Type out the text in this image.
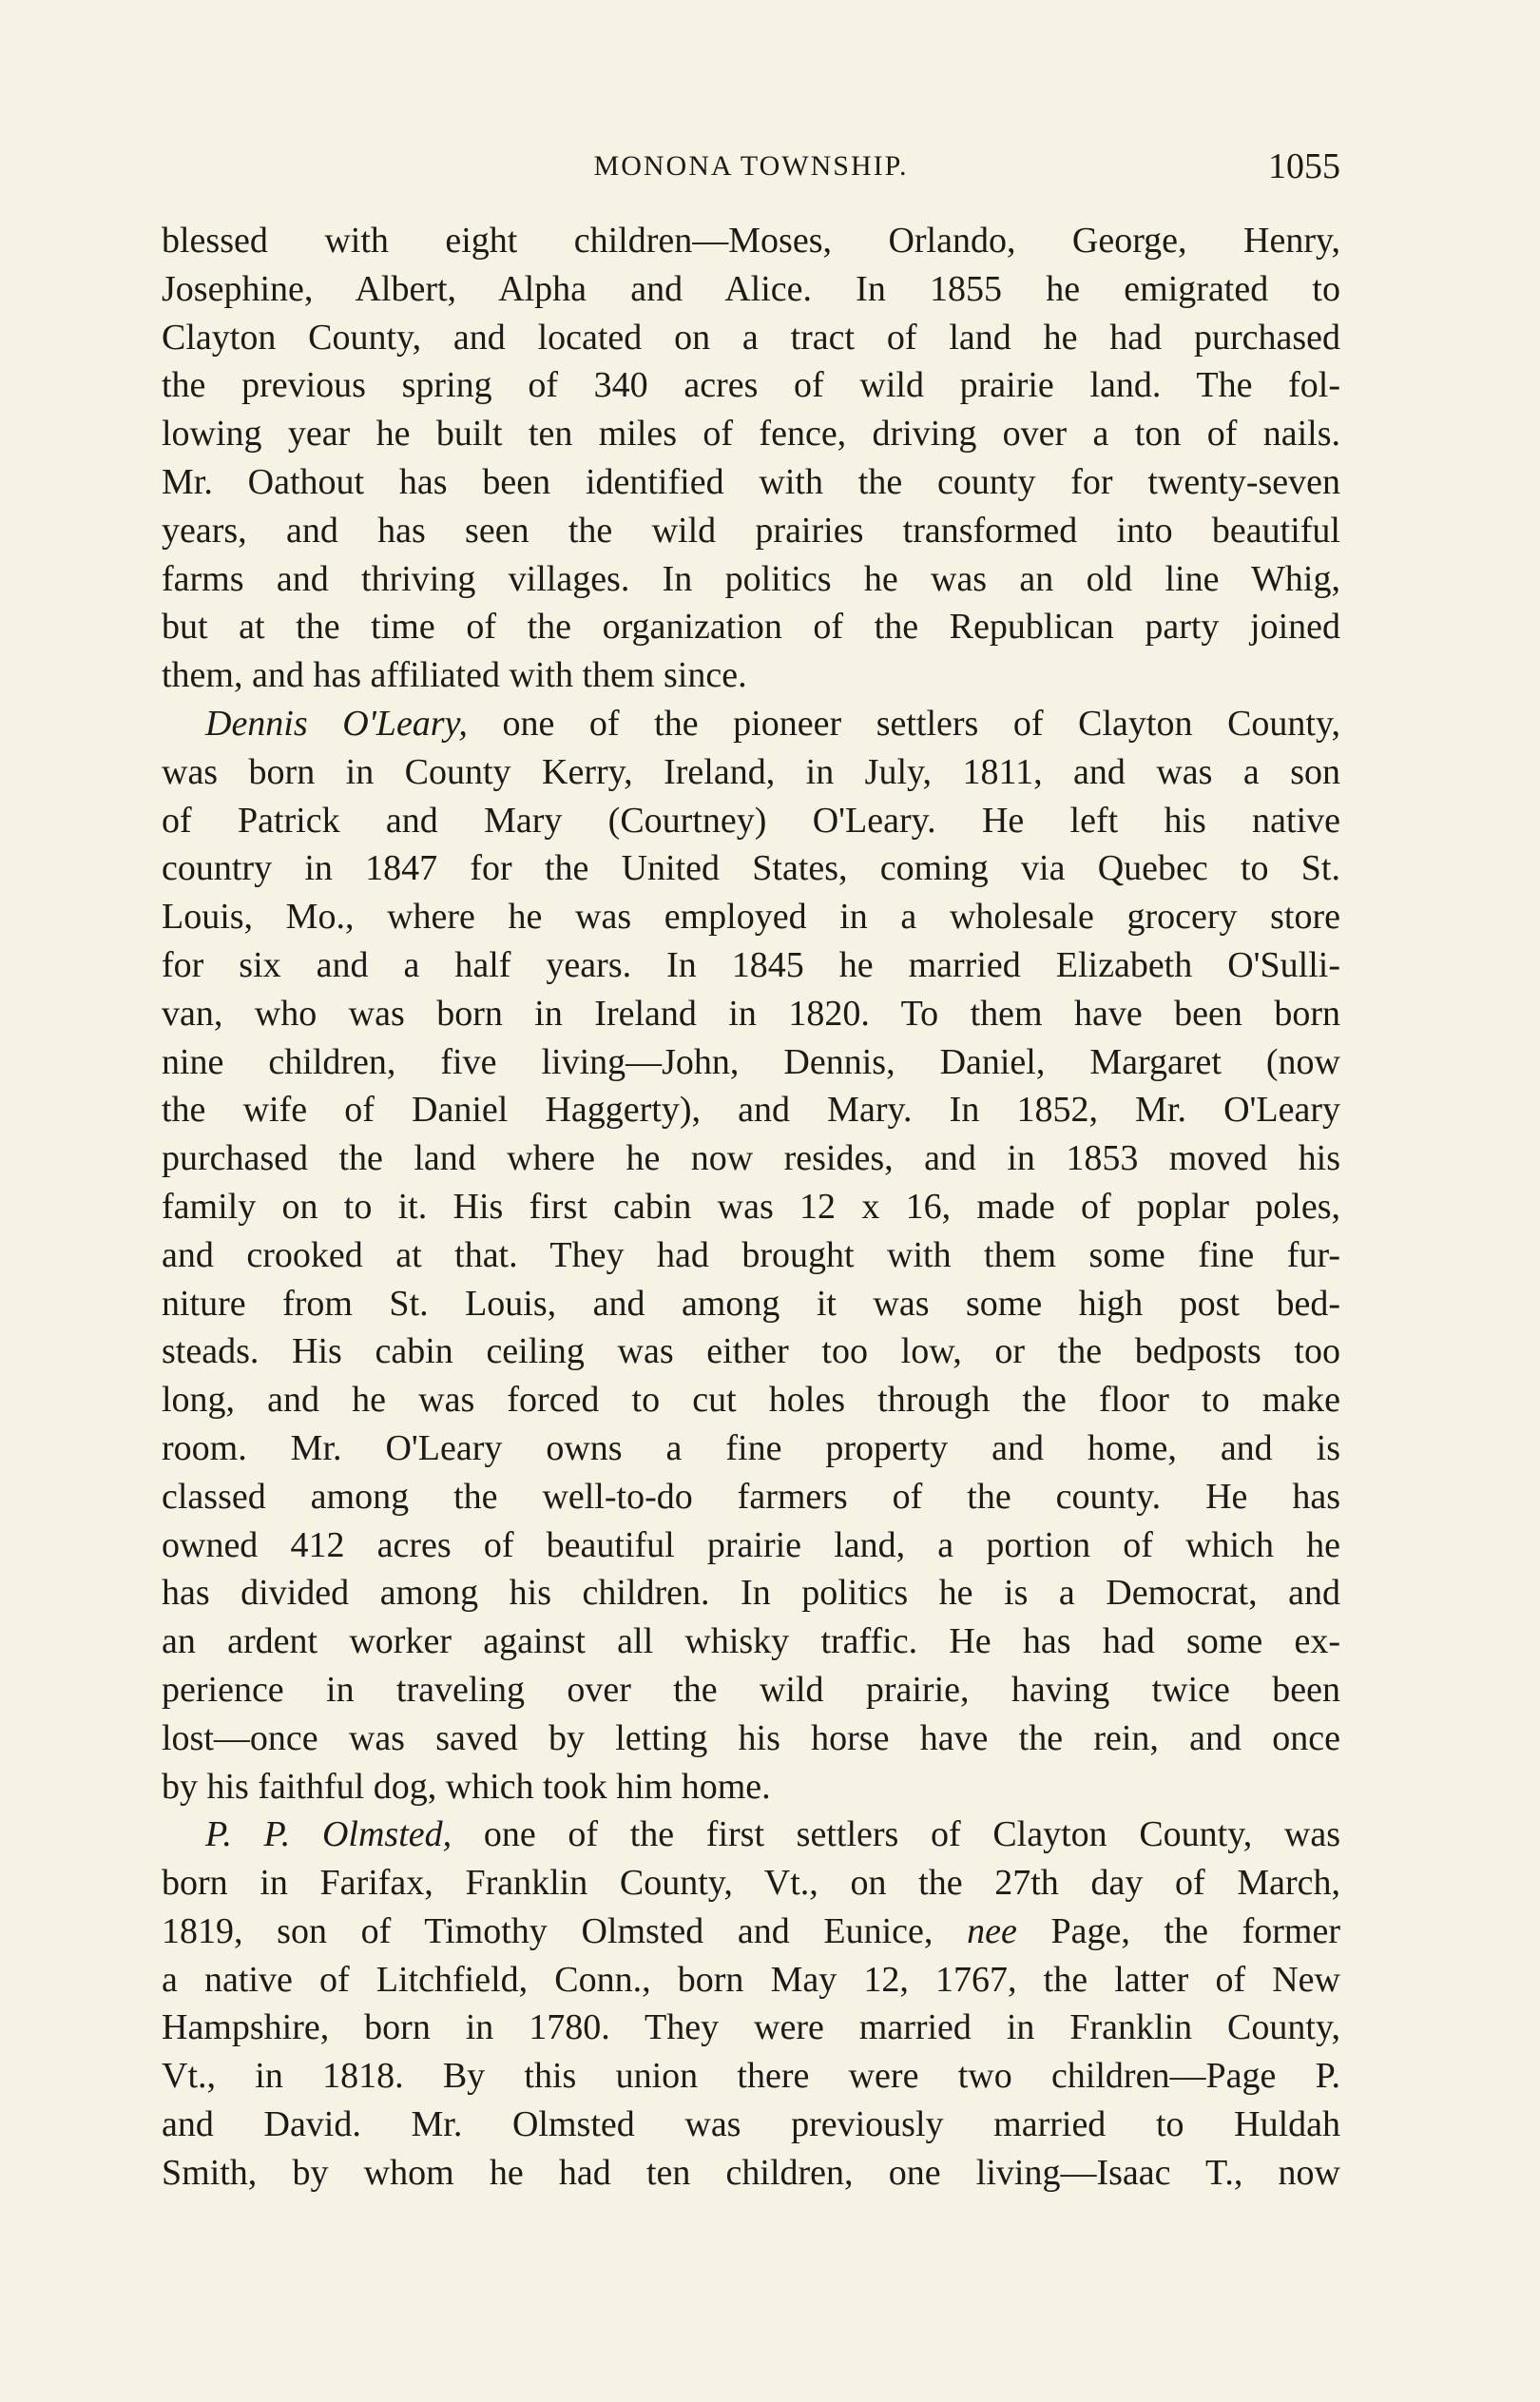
MONONA TOWNSHIP.	1055
blessed with eight children—Moses, Orlando, George, Henry,
Josephine, Albert, Alpha and Alice. In 1855 he emigrated to
Clayton County, and located on a tract of land he had purchased
the previous spring of 340 acres of wild prairie land. The fol-
lowing year he built ten miles of fence, driving over a ton of nails.
Mr. Oathout has been identified with the county for twenty-seven
years, and has seen the wild prairies transformed into beautiful
farms and thriving villages. In politics he was an old line Whig,
but at the time of the organization of the Republican party joined
them, and has affiliated with them since.
Dennis O'Leary, one of the pioneer settlers of Clayton County,
was born in County Kerry, Ireland, in July, 1811, and was a son
of Patrick and Mary (Courtney) O'Leary. He left his native
country in 1847 for the United States, coming via Quebec to St.
Louis, Mo., where he was employed in a wholesale grocery store
for six and a half years. In 1845 he married Elizabeth O'Sulli-
van, who was born in Ireland in 1820. To them have been born
nine children, five living—John, Dennis, Daniel, Margaret (now
the wife of Daniel Haggerty), and Mary. In 1852, Mr. O'Leary
purchased the land where he now resides, and in 1853 moved his
family on to it. His first cabin was 12 x 16, made of poplar poles,
and crooked at that. They had brought with them some fine fur-
niture from St. Louis, and among it was some high post bed-
steads. His cabin ceiling was either too low, or the bedposts too
long, and he was forced to cut holes through the floor to make
room. Mr. O'Leary owns a fine property and home, and is
classed among the well-to-do farmers of the county. He has
owned 412 acres of beautiful prairie land, a portion of which he
has divided among his children. In politics he is a Democrat, and
an ardent worker against all whisky traffic. He has had some ex-
perience in traveling over the wild prairie, having twice been
lost—once was saved by letting his horse have the rein, and once
by his faithful dog, which took him home.
P. P. Olmsted, one of the first settlers of Clayton County, was
born in Farifax, Franklin County, Vt., on the 27th day of March,
1819, son of Timothy Olmsted and Eunice, nee Page, the former
a native of Litchfield, Conn., born May 12, 1767, the latter of New
Hampshire, born in 1780. They were married in Franklin County,
Vt., in 1818. By this union there were two children—Page P.
and David. Mr. Olmsted was previously married to Huldah
Smith, by whom he had ten children, one living—Isaac T., now
